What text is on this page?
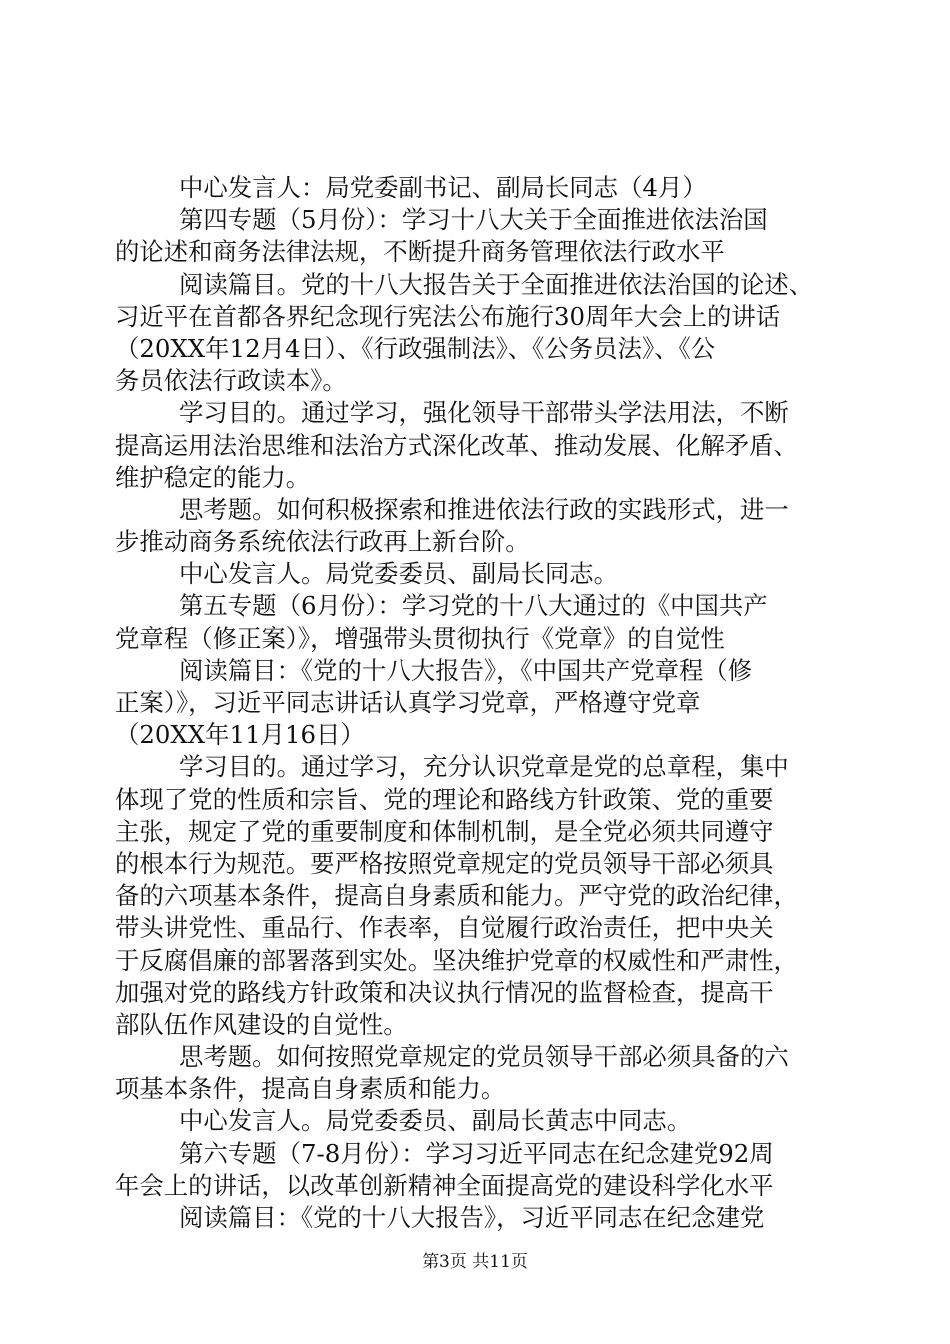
中心发言人：局党委副书记、副局长同志（4月）
第四专题（5月份）：学习十八大关于全面推进依法治国
的论述和商务法律法规，不断提升商务管理依法行政水平
阅读篇目。党的十八大报告关于全面推进依法治国的论述、
习近平在首都各界纪念现行宪法公布施行30周年大会上的讲话
（20XX年12月4日）、《行政强制法》、《公务员法》、《公
务员依法行政读本》。
学习目的。通过学习，强化领导干部带头学法用法，不断
提高运用法治思维和法治方式深化改革、推动发展、化解矛盾、
维护稳定的能力。
思考题。如何积极探索和推进依法行政的实践形式，进一
步推动商务系统依法行政再上新台阶。
中心发言人。局党委委员、副局长同志。
第五专题（6月份）：学习党的十八大通过的《中国共产
党章程（修正案）》，增强带头贯彻执行《党章》的自觉性
阅读篇目：《党的十八大报告》，《中国共产党章程（修
正案）》，习近平同志讲话认真学习党章，严格遵守党章
（20XX年11月16日）
学习目的。通过学习，充分认识党章是党的总章程，集中
体现了党的性质和宗旨、党的理论和路线方针政策、党的重要
主张，规定了党的重要制度和体制机制，是全党必须共同遵守
的根本行为规范。要严格按照党章规定的党员领导干部必须具
备的六项基本条件，提高自身素质和能力。严守党的政治纪律，
带头讲党性、重品行、作表率，自觉履行政治责任，把中央关
于反腐倡廉的部署落到实处。坚决维护党章的权威性和严肃性，
加强对党的路线方针政策和决议执行情况的监督检查，提高干
部队伍作风建设的自觉性。
思考题。如何按照党章规定的党员领导干部必须具备的六
项基本条件，提高自身素质和能力。
中心发言人。局党委委员、副局长黄志中同志。
第六专题（7-8月份）：学习习近平同志在纪念建党92周
年会上的讲话，以改革创新精神全面提高党的建设科学化水平
阅读篇目：《党的十八大报告》，习近平同志在纪念建党
第3页 共11页
